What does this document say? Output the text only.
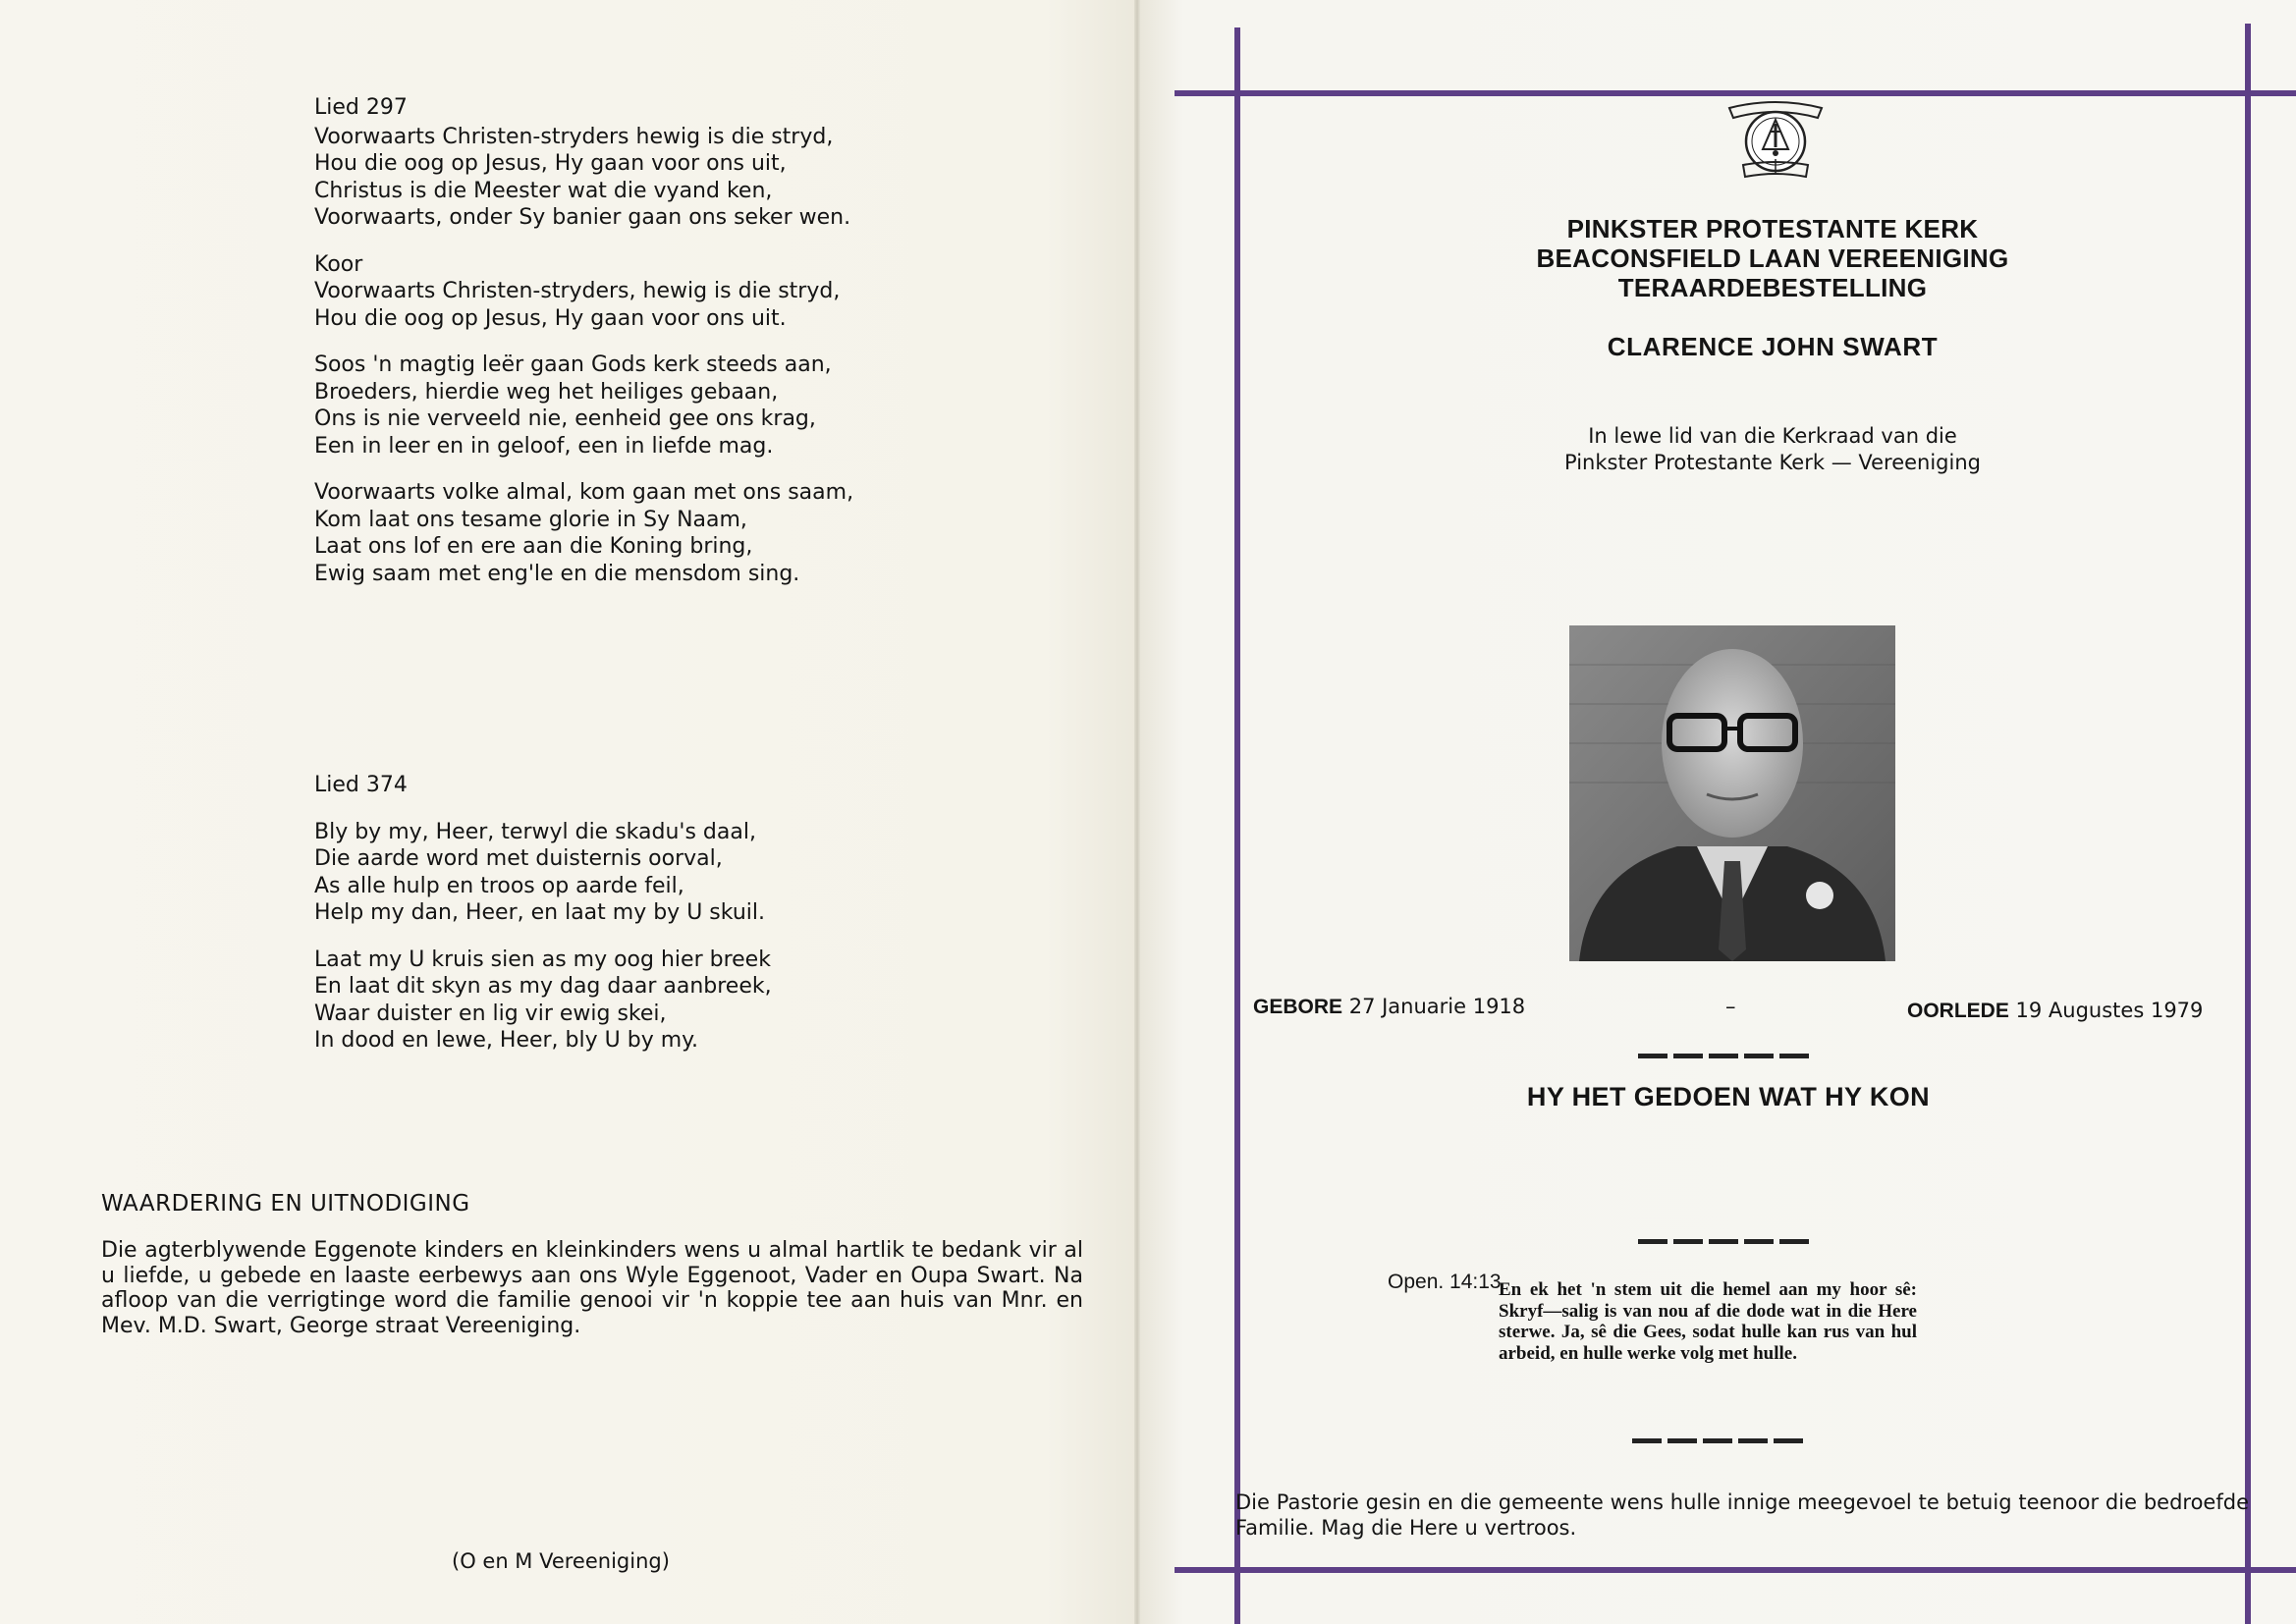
Lied 297
Voorwaarts Christen-stryders hewig is die stryd,
Hou die oog op Jesus, Hy gaan voor ons uit,
Christus is die Meester wat die vyand ken,
Voorwaarts, onder Sy banier gaan ons seker wen.
Koor
Voorwaarts Christen-stryders, hewig is die stryd,
Hou die oog op Jesus, Hy gaan voor ons uit.
Soos 'n magtig leër gaan Gods kerk steeds aan,
Broeders, hierdie weg het heiliges gebaan,
Ons is nie verveeld nie, eenheid gee ons krag,
Een in leer en in geloof, een in liefde mag.
Voorwaarts volke almal, kom gaan met ons saam,
Kom laat ons tesame glorie in Sy Naam,
Laat ons lof en ere aan die Koning bring,
Ewig saam met eng'le en die mensdom sing.
Lied 374
Bly by my, Heer, terwyl die skadu's daal,
Die aarde word met duisternis oorval,
As alle hulp en troos op aarde feil,
Help my dan, Heer, en laat my by U skuil.
Laat my U kruis sien as my oog hier breek
En laat dit skyn as my dag daar aanbreek,
Waar duister en lig vir ewig skei,
In dood en lewe, Heer, bly U by my.
WAARDERING EN UITNODIGING

Die agterblywende Eggenote kinders en kleinkinders wens u almal hartlik te bedank vir al u liefde, u gebede en laaste eerbewys aan ons Wyle Eggenoot, Vader en Oupa Swart. Na afloop van die verrigtinge word die familie genooi vir 'n koppie tee aan huis van Mnr. en Mev. M.D. Swart, George straat Vereeniging.

(O en M Vereeniging)
PINKSTER PROTESTANTE KERK
BEACONSFIELD LAAN VEREENIGING
TERAARDEBESTELLING
CLARENCE JOHN SWART
In lewe lid van die Kerkraad van die
Pinkster Protestante Kerk — Vereeniging
GEBORE 27 Januarie 1918	–	OORLEDE 19 Augustes 1979
HY HET GEDOEN WAT HY KON
Open. 14:13
En ek het 'n stem uit die hemel aan my hoor sê: Skryf—salig is van nou af die dode wat in die Here sterwe. Ja, sê die Gees, sodat hulle kan rus van hul arbeid, en hulle werke volg met hulle.
Die Pastorie gesin en die gemeente wens hulle innige meegevoel te betuig teenoor die bedroefde Familie. Mag die Here u vertroos.
